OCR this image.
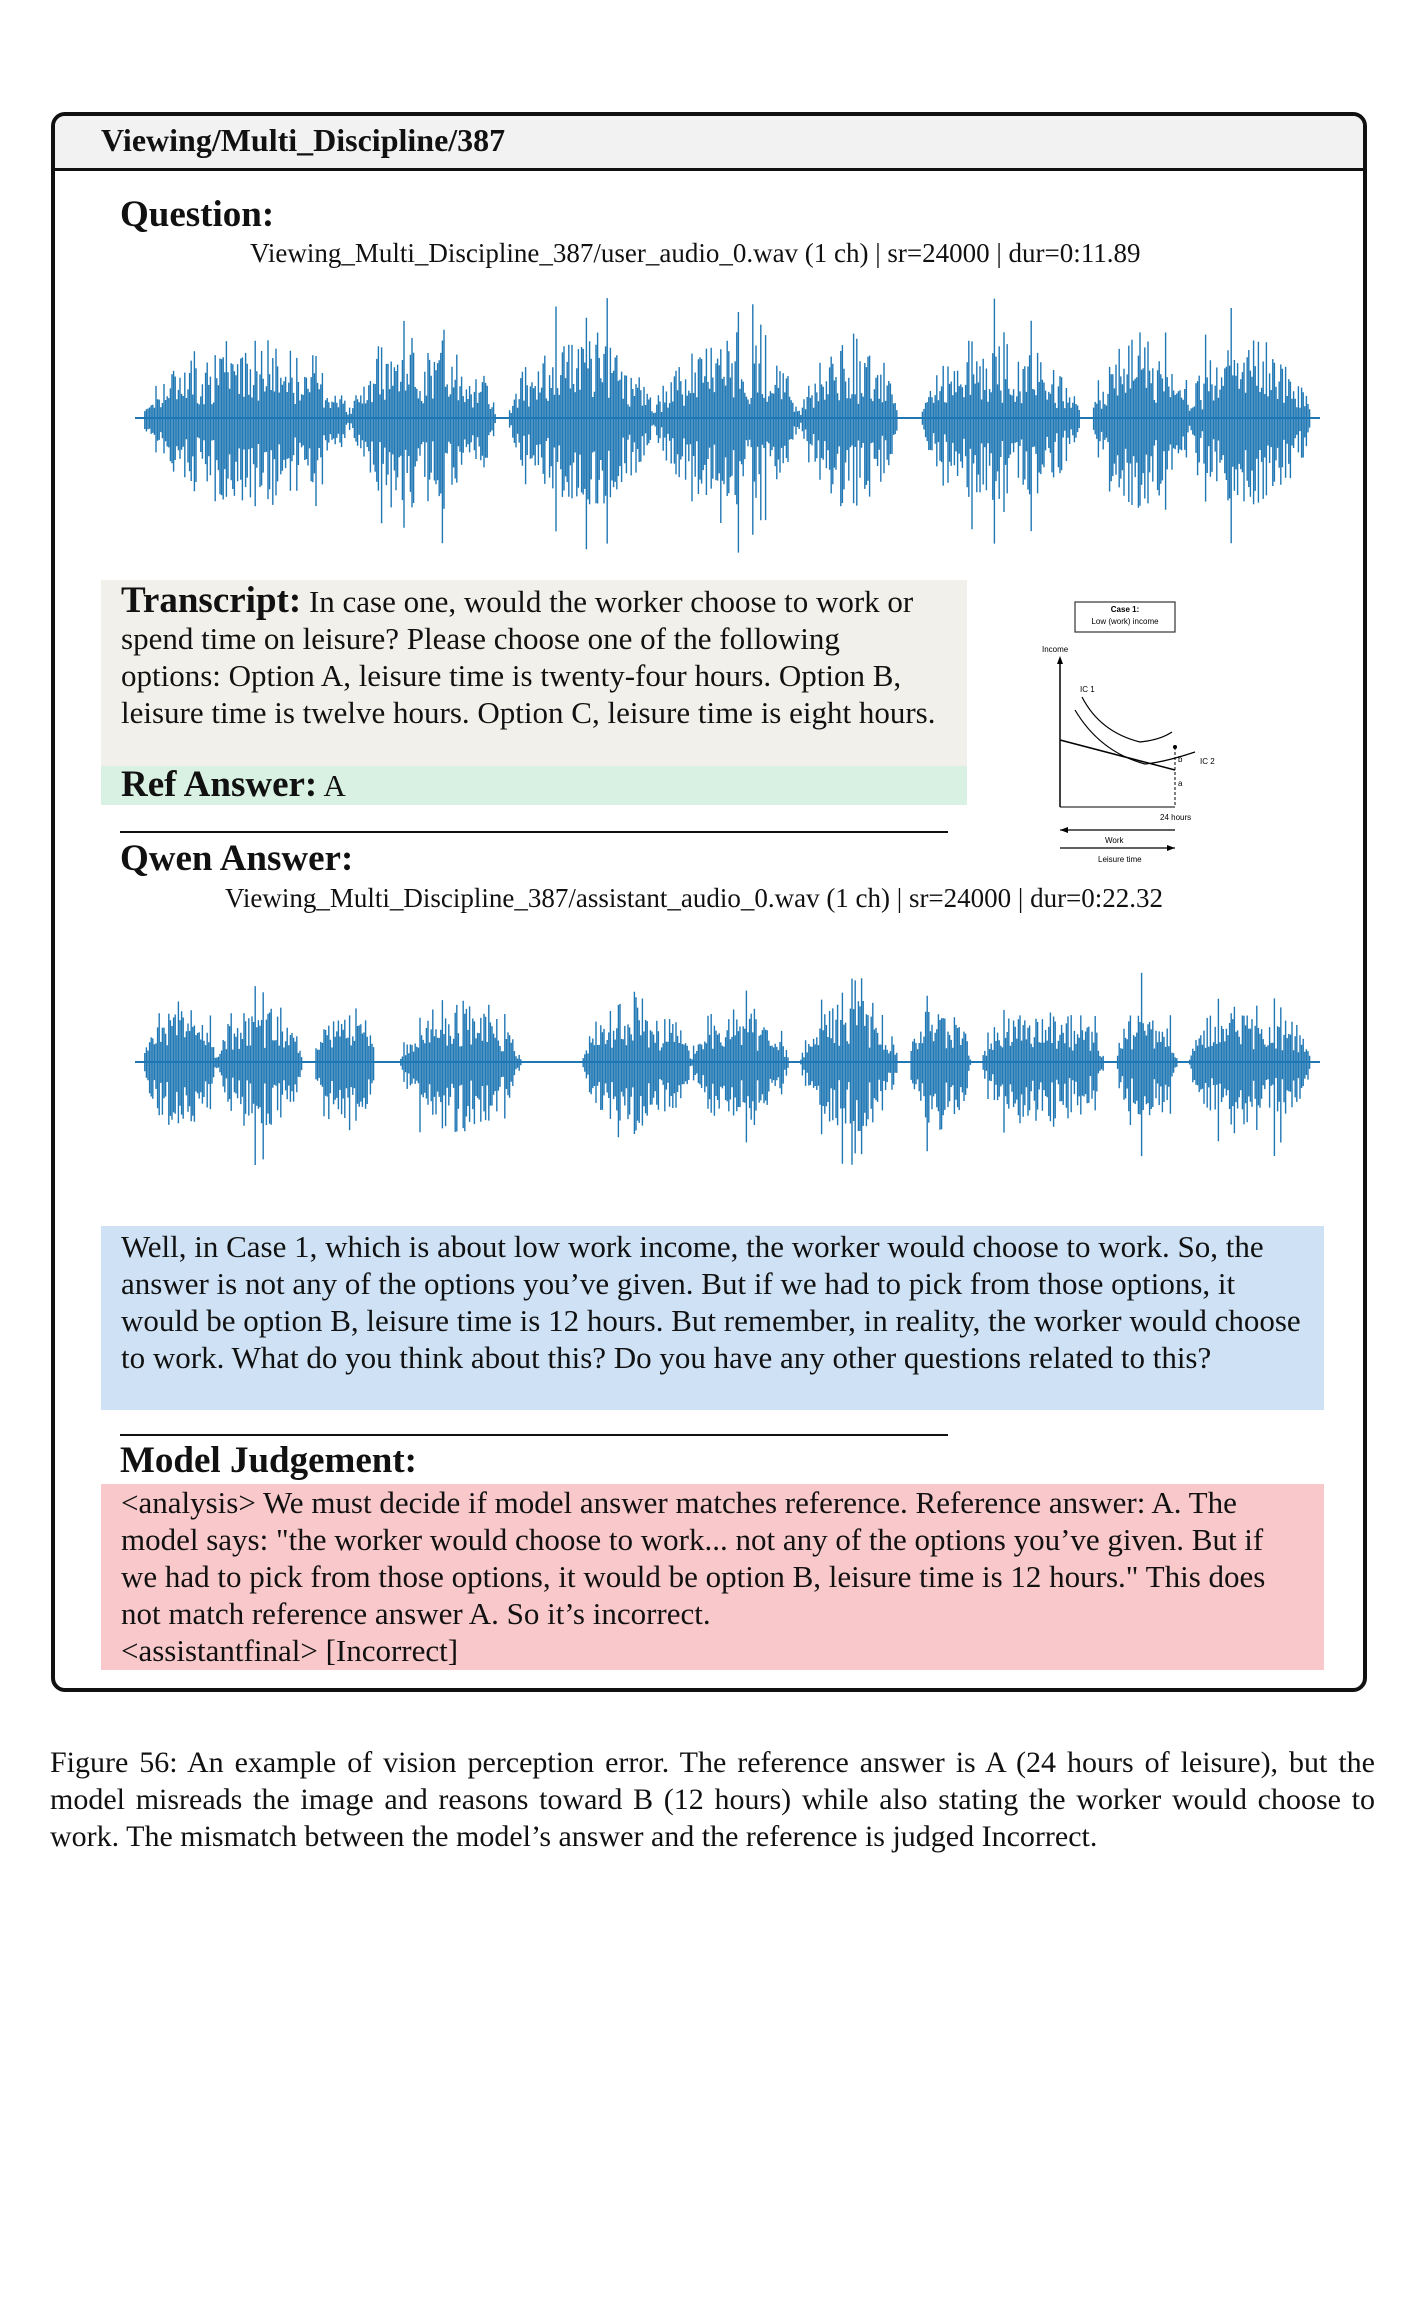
Viewing/Multi_Discipline/387
Question:
Viewing_Multi_Discipline_387/user_audio_0.wav (1 ch) | sr=24000 | dur=0:11.89
Transcript: In case one, would the worker choose to work or spend time on leisure? Please choose one of the following options: Option A, leisure time is twenty-four hours. Option B, leisure time is twelve hours. Option C, leisure time is eight hours.
Ref Answer: A
Case 1:
Low (work) income
Income
IC 1
b
a
IC 2
24 hours
Work
Leisure time
Qwen Answer:
Viewing_Multi_Discipline_387/assistant_audio_0.wav (1 ch) | sr=24000 | dur=0:22.32
Well, in Case 1, which is about low work income, the worker would choose to work. So, the answer is not any of the options you’ve given. But if we had to pick from those options, it would be option B, leisure time is 12 hours. But remember, in reality, the worker would choose to work. What do you think about this? Do you have any other questions related to this?
Model Judgement:
<analysis> We must decide if model answer matches reference. Reference answer: A. The model says: "the worker would choose to work... not any of the options you’ve given. But if we had to pick from those options, it would be option B, leisure time is 12 hours." This does not match reference answer A. So it’s incorrect.
<assistantfinal> [Incorrect]
Figure 56: An example of vision perception error. The reference answer is A (24 hours of leisure), but the model misreads the image and reasons toward B (12 hours) while also stating the worker would choose to work. The mismatch between the model’s answer and the reference is judged Incorrect.
